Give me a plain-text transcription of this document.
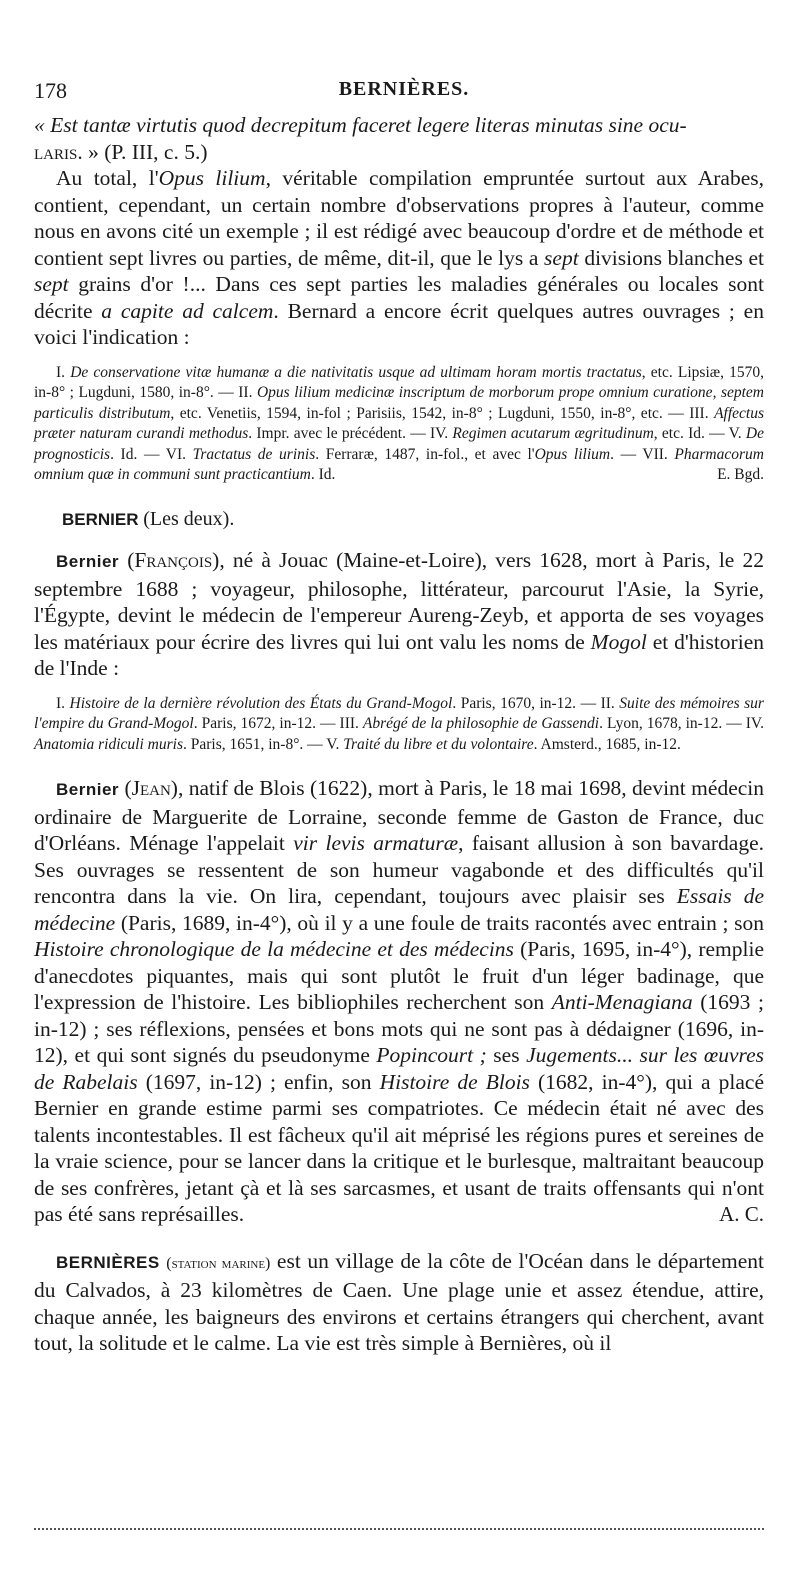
178	BERNIÈRES.

« Est tantæ virtutis quod decrepitum faceret legere literas minutas sine ocu-
laris. » (P. III, c. 5.)

Au total, l'Opus lilium, véritable compilation empruntée surtout aux Arabes, contient, cependant, un certain nombre d'observations propres à l'auteur, comme nous en avons cité un exemple ; il est rédigé avec beaucoup d'ordre et de méthode et contient sept livres ou parties, de même, dit-il, que le lys a sept divisions blanches et sept grains d'or !... Dans ces sept parties les maladies générales ou locales sont décrite a capite ad calcem. Bernard a encore écrit quelques autres ouvrages ; en voici l'indication :

I. De conservatione vitæ humanæ a die nativitatis usque ad ultimam horam mortis tractatus, etc. Lipsiæ, 1570, in-8° ; Lugduni, 1580, in-8°. — II. Opus lilium medicinæ inscriptum de morborum prope omnium curatione, septem particulis distributum, etc. Venetiis, 1594, in-fol ; Parisiis, 1542, in-8° ; Lugduni, 1550, in-8°, etc. — III. Affectus præter naturam curandi methodus. Impr. avec le précédent. — IV. Regimen acutarum ægritudinum, etc. Id. — V. De prognosticis. Id. — VI. Tractatus de urinis. Ferraræ, 1487, in-fol., et avec l'Opus lilium. — VII. Pharmacorum omnium quæ in communi sunt practicantium. Id.	E. Bgd.

BERNIER (Les deux).

Bernier (François), né à Jouac (Maine-et-Loire), vers 1628, mort à Paris, le 22 septembre 1688 ; voyageur, philosophe, littérateur, parcourut l'Asie, la Syrie, l'Égypte, devint le médecin de l'empereur Aureng-Zeyb, et apporta de ses voyages les matériaux pour écrire des livres qui lui ont valu les noms de Mogol et d'historien de l'Inde :

I. Histoire de la dernière révolution des États du Grand-Mogol. Paris, 1670, in-12. — II. Suite des mémoires sur l'empire du Grand-Mogol. Paris, 1672, in-12. — III. Abrégé de la philosophie de Gassendi. Lyon, 1678, in-12. — IV. Anatomia ridiculi muris. Paris, 1651, in-8°. — V. Traité du libre et du volontaire. Amsterd., 1685, in-12.

Bernier (Jean), natif de Blois (1622), mort à Paris, le 18 mai 1698, devint médecin ordinaire de Marguerite de Lorraine, seconde femme de Gaston de France, duc d'Orléans. Ménage l'appelait vir levis armaturæ, faisant allusion à son bavardage. Ses ouvrages se ressentent de son humeur vagabonde et des difficultés qu'il rencontra dans la vie. On lira, cependant, toujours avec plaisir ses Essais de médecine (Paris, 1689, in-4°), où il y a une foule de traits racontés avec entrain ; son Histoire chronologique de la médecine et des médecins (Paris, 1695, in-4°), remplie d'anecdotes piquantes, mais qui sont plutôt le fruit d'un léger badinage, que l'expression de l'histoire. Les bibliophiles recherchent son Anti-Menagiana (1693 ; in-12) ; ses réflexions, pensées et bons mots qui ne sont pas à dédaigner (1696, in-12), et qui sont signés du pseudonyme Popincourt ; ses Jugements... sur les œuvres de Rabelais (1697, in-12) ; enfin, son Histoire de Blois (1682, in-4°), qui a placé Bernier en grande estime parmi ses compatriotes. Ce médecin était né avec des talents incontestables. Il est fâcheux qu'il ait méprisé les régions pures et sereines de la vraie science, pour se lancer dans la critique et le burlesque, maltraitant beaucoup de ses confrères, jetant çà et là ses sarcasmes, et usant de traits offensants qui n'ont pas été sans représailles.	A. C.

BERNIÈRES (station marine) est un village de la côte de l'Océan dans le département du Calvados, à 23 kilomètres de Caen. Une plage unie et assez étendue, attire, chaque année, les baigneurs des environs et certains étrangers qui cherchent, avant tout, la solitude et le calme. La vie est très simple à Bernières, où il
